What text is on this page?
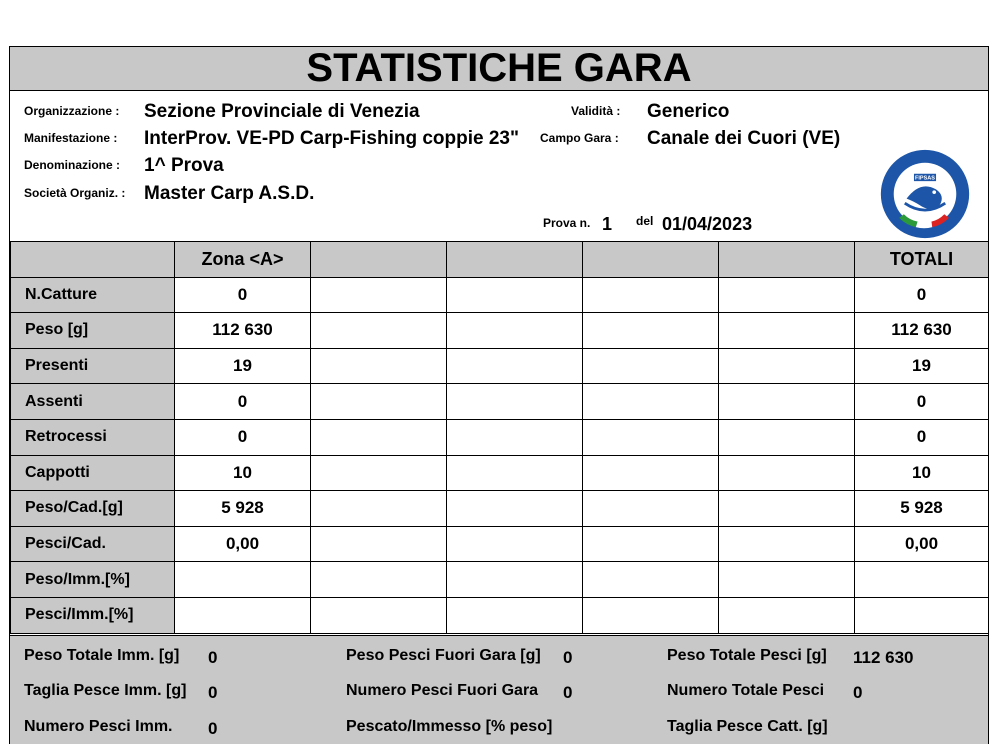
STATISTICHE GARA
Organizzazione : Sezione Provinciale di Venezia
Manifestazione : InterProv. VE-PD Carp-Fishing coppie 23"
Denominazione : 1^ Prova
Società Organiz. : Master Carp A.S.D.
Validità : Generico
Campo Gara : Canale dei Cuori (VE)
Prova n. 1 del 01/04/2023
FIPSAS
	Zona <A>					TOTALI
N.Catture	0					0
Peso [g]	112 630					112 630
Presenti	19					19
Assenti	0					0
Retrocessi	0					0
Cappotti	10					10
Peso/Cad.[g]	5 928					5 928
Pesci/Cad.	0,00					0,00
Peso/Imm.[%]						
Pesci/Imm.[%]						
Peso Totale Imm. [g] 0
Taglia Pesce Imm. [g] 0
Numero Pesci Imm. 0
Peso Pesci Fuori Gara [g] 0
Numero Pesci Fuori Gara 0
Pescato/Immesso [% peso]
Peso Totale Pesci [g] 112 630
Numero Totale Pesci 0
Taglia Pesce Catt. [g]
